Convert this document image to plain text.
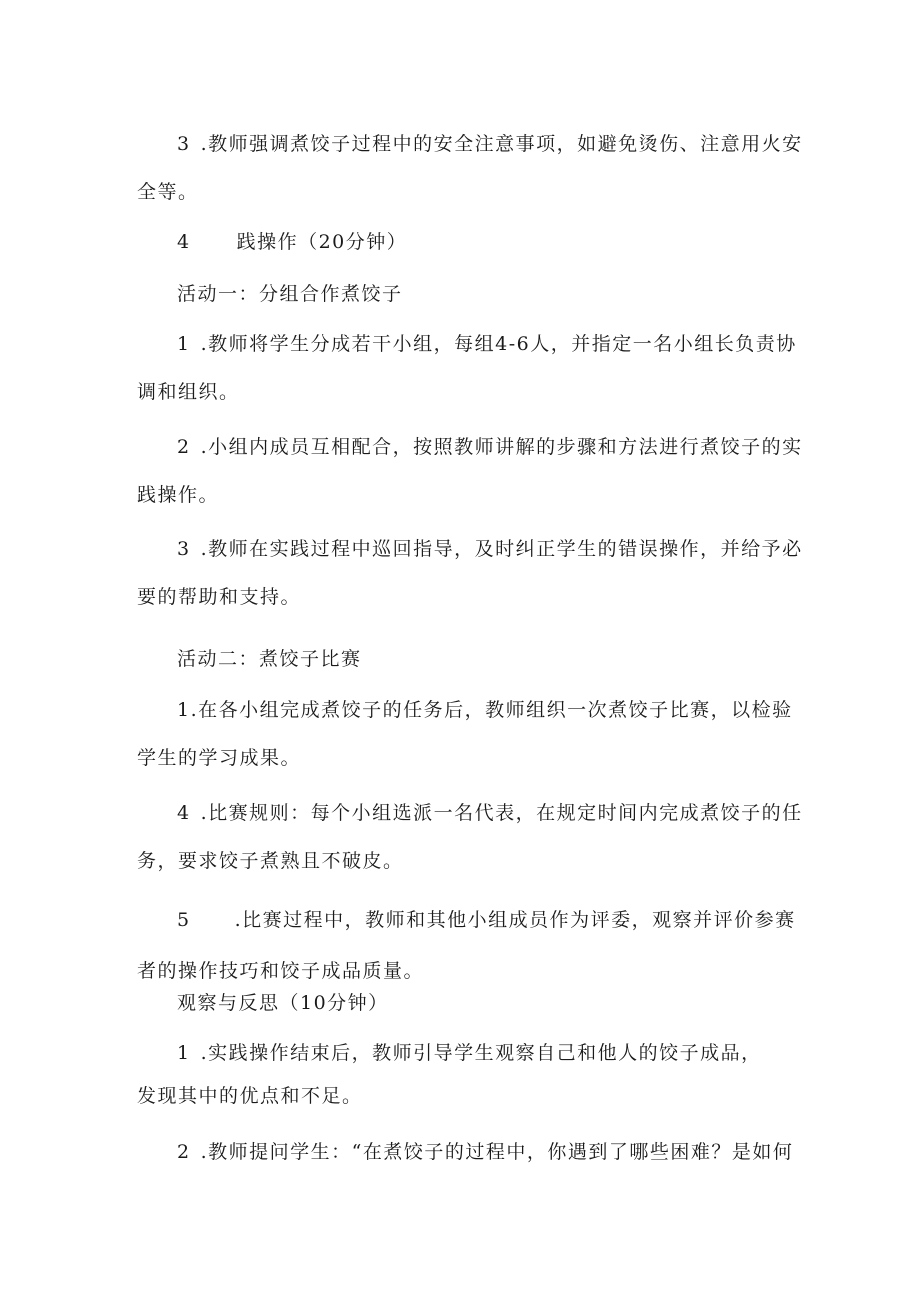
3 .教师强调煮饺子过程中的安全注意事项，如避免烫伤、注意用火安
全等。
4 践操作（20分钟）
活动一：分组合作煮饺子
1 .教师将学生分成若干小组，每组4-6人，并指定一名小组长负责协
调和组织。
2 .小组内成员互相配合，按照教师讲解的步骤和方法进行煮饺子的实
践操作。
3 .教师在实践过程中巡回指导，及时纠正学生的错误操作，并给予必
要的帮助和支持。
活动二：煮饺子比赛
1.在各小组完成煮饺子的任务后，教师组织一次煮饺子比赛，以检验
学生的学习成果。
4 .比赛规则：每个小组选派一名代表，在规定时间内完成煮饺子的任
务，要求饺子煮熟且不破皮。
5 .比赛过程中，教师和其他小组成员作为评委，观察并评价参赛
者的操作技巧和饺子成品质量。
观察与反思（10分钟）
1 .实践操作结束后，教师引导学生观察自己和他人的饺子成品，
发现其中的优点和不足。
2 .教师提问学生：“在煮饺子的过程中，你遇到了哪些困难？是如何
